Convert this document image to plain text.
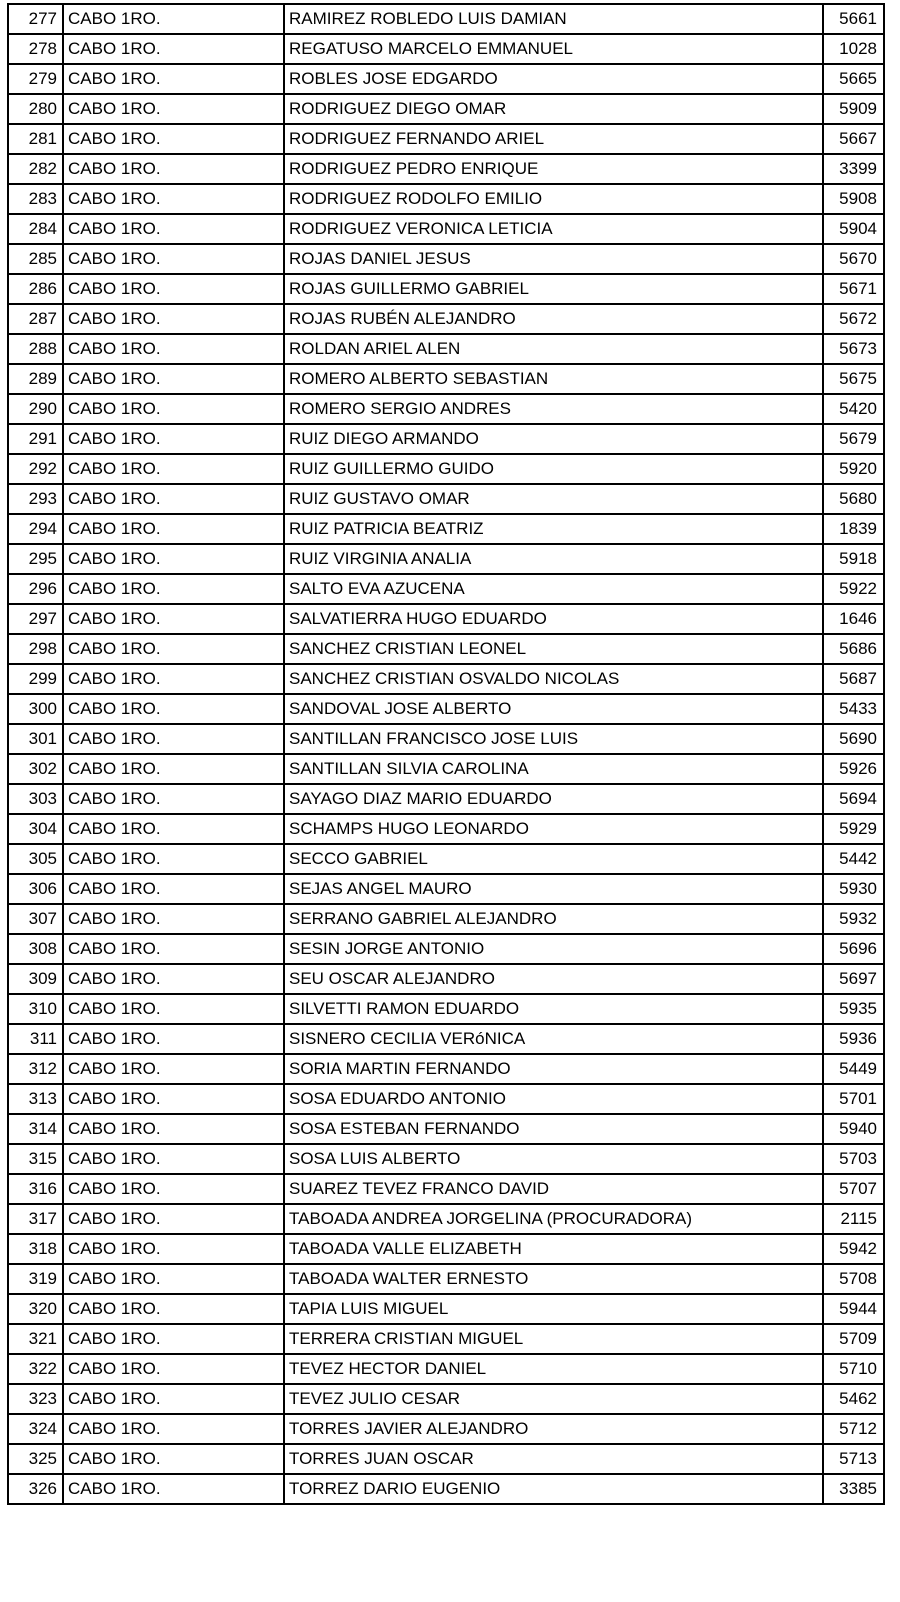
277	CABO 1RO.	RAMIREZ ROBLEDO LUIS DAMIAN	5661
278	CABO 1RO.	REGATUSO MARCELO EMMANUEL	1028
279	CABO 1RO.	ROBLES JOSE EDGARDO	5665
280	CABO 1RO.	RODRIGUEZ DIEGO OMAR	5909
281	CABO 1RO.	RODRIGUEZ FERNANDO ARIEL	5667
282	CABO 1RO.	RODRIGUEZ PEDRO ENRIQUE	3399
283	CABO 1RO.	RODRIGUEZ RODOLFO EMILIO	5908
284	CABO 1RO.	RODRIGUEZ VERONICA LETICIA	5904
285	CABO 1RO.	ROJAS DANIEL JESUS	5670
286	CABO 1RO.	ROJAS GUILLERMO GABRIEL	5671
287	CABO 1RO.	ROJAS RUBÉN ALEJANDRO	5672
288	CABO 1RO.	ROLDAN ARIEL ALEN	5673
289	CABO 1RO.	ROMERO ALBERTO SEBASTIAN	5675
290	CABO 1RO.	ROMERO SERGIO ANDRES	5420
291	CABO 1RO.	RUIZ DIEGO ARMANDO	5679
292	CABO 1RO.	RUIZ GUILLERMO GUIDO	5920
293	CABO 1RO.	RUIZ GUSTAVO OMAR	5680
294	CABO 1RO.	RUIZ PATRICIA BEATRIZ	1839
295	CABO 1RO.	RUIZ VIRGINIA ANALIA	5918
296	CABO 1RO.	SALTO EVA AZUCENA	5922
297	CABO 1RO.	SALVATIERRA HUGO EDUARDO	1646
298	CABO 1RO.	SANCHEZ CRISTIAN LEONEL	5686
299	CABO 1RO.	SANCHEZ CRISTIAN OSVALDO NICOLAS	5687
300	CABO 1RO.	SANDOVAL JOSE ALBERTO	5433
301	CABO 1RO.	SANTILLAN FRANCISCO JOSE LUIS	5690
302	CABO 1RO.	SANTILLAN SILVIA CAROLINA	5926
303	CABO 1RO.	SAYAGO DIAZ MARIO EDUARDO	5694
304	CABO 1RO.	SCHAMPS HUGO LEONARDO	5929
305	CABO 1RO.	SECCO GABRIEL	5442
306	CABO 1RO.	SEJAS ANGEL MAURO	5930
307	CABO 1RO.	SERRANO GABRIEL ALEJANDRO	5932
308	CABO 1RO.	SESIN JORGE ANTONIO	5696
309	CABO 1RO.	SEU OSCAR ALEJANDRO	5697
310	CABO 1RO.	SILVETTI RAMON EDUARDO	5935
311	CABO 1RO.	SISNERO CECILIA VERóNICA	5936
312	CABO 1RO.	SORIA MARTIN FERNANDO	5449
313	CABO 1RO.	SOSA EDUARDO ANTONIO	5701
314	CABO 1RO.	SOSA ESTEBAN FERNANDO	5940
315	CABO 1RO.	SOSA LUIS ALBERTO	5703
316	CABO 1RO.	SUAREZ TEVEZ FRANCO DAVID	5707
317	CABO 1RO.	TABOADA ANDREA JORGELINA (PROCURADORA)	2115
318	CABO 1RO.	TABOADA VALLE ELIZABETH	5942
319	CABO 1RO.	TABOADA WALTER ERNESTO	5708
320	CABO 1RO.	TAPIA LUIS MIGUEL	5944
321	CABO 1RO.	TERRERA CRISTIAN MIGUEL	5709
322	CABO 1RO.	TEVEZ HECTOR DANIEL	5710
323	CABO 1RO.	TEVEZ JULIO CESAR	5462
324	CABO 1RO.	TORRES JAVIER ALEJANDRO	5712
325	CABO 1RO.	TORRES JUAN OSCAR	5713
326	CABO 1RO.	TORREZ DARIO EUGENIO	3385
